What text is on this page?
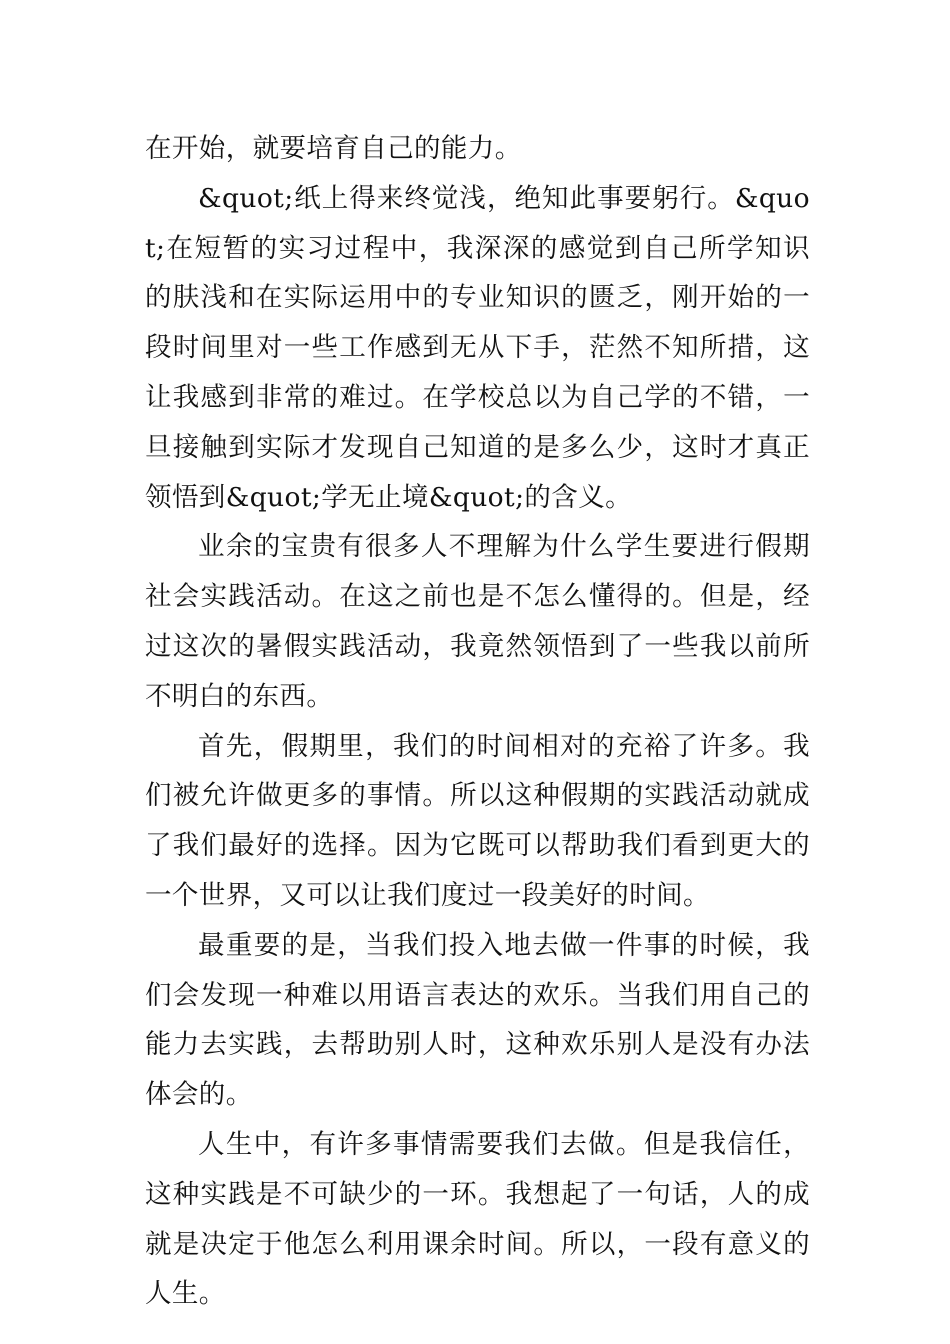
在开始，就要培育自己的能力。

&quot;纸上得来终觉浅，绝知此事要躬行。&quot;在短暂的实习过程中，我深深的感觉到自己所学知识的肤浅和在实际运用中的专业知识的匮乏，刚开始的一段时间里对一些工作感到无从下手，茫然不知所措，这让我感到非常的难过。在学校总以为自己学的不错，一旦接触到实际才发现自己知道的是多么少，这时才真正领悟到&quot;学无止境&quot;的含义。

业余的宝贵有很多人不理解为什么学生要进行假期社会实践活动。在这之前也是不怎么懂得的。但是，经过这次的暑假实践活动，我竟然领悟到了一些我以前所不明白的东西。

首先，假期里，我们的时间相对的充裕了许多。我们被允许做更多的事情。所以这种假期的实践活动就成了我们最好的选择。因为它既可以帮助我们看到更大的一个世界，又可以让我们度过一段美好的时间。

最重要的是，当我们投入地去做一件事的时候，我们会发现一种难以用语言表达的欢乐。当我们用自己的能力去实践，去帮助别人时，这种欢乐别人是没有办法体会的。

人生中，有许多事情需要我们去做。但是我信任，这种实践是不可缺少的一环。我想起了一句话，人的成就是决定于他怎么利用课余时间。所以，一段有意义的人生。
